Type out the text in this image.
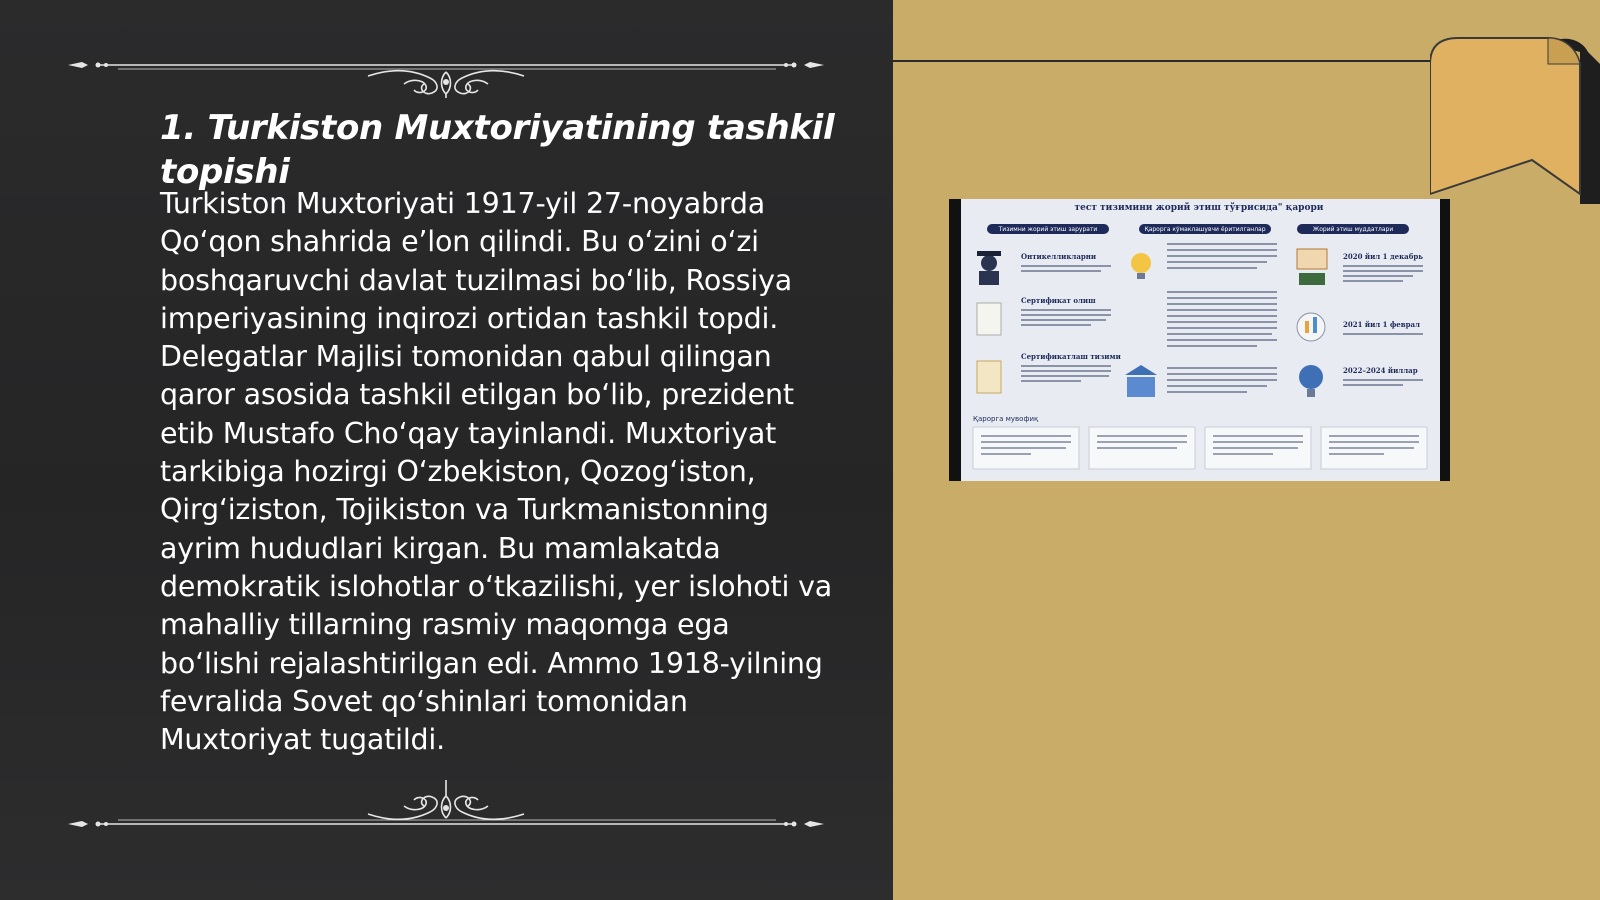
1. Turkiston Muxtoriyatining tashkil topishi

Turkiston Muxtoriyati 1917-yil 27-noyabrda Qo‘qon shahrida e’lon qilindi. Bu o‘zini o‘zi boshqaruvchi davlat tuzilmasi bo‘lib, Rossiya imperiyasining inqirozi ortidan tashkil topdi. Delegatlar Majlisi tomonidan qabul qilingan qaror asosida tashkil etilgan bo‘lib, prezident etib Mustafo Cho‘qay tayinlandi. Muxtoriyat tarkibiga hozirgi O‘zbekiston, Qozog‘iston, Qirg‘iziston, Tojikiston va Turkmanistonning ayrim hududlari kirgan. Bu mamlakatda demokratik islohotlar o‘tkazilishi, yer islohoti va mahalliy tillarning rasmiy maqomga ega bo‘lishi rejalashtirilgan edi. Ammo 1918-yilning fevralida Sovet qo‘shinlari tomonidan Muxtoriyat tugatildi.

тест тизимини жорий этиш тўғрисида" қарори
Тизимни жорий этиш зарурати	Қарорга кўмаклашувчи ёритилганлар	Жорий этиш муддатлари
Онтикелликларни
Сертификат олиш
Сертификатлаш тизими
2020 йил 1 декабрь
2021 йил 1 феврал
2022–2024 йиллар
Қарорга мувофиқ
